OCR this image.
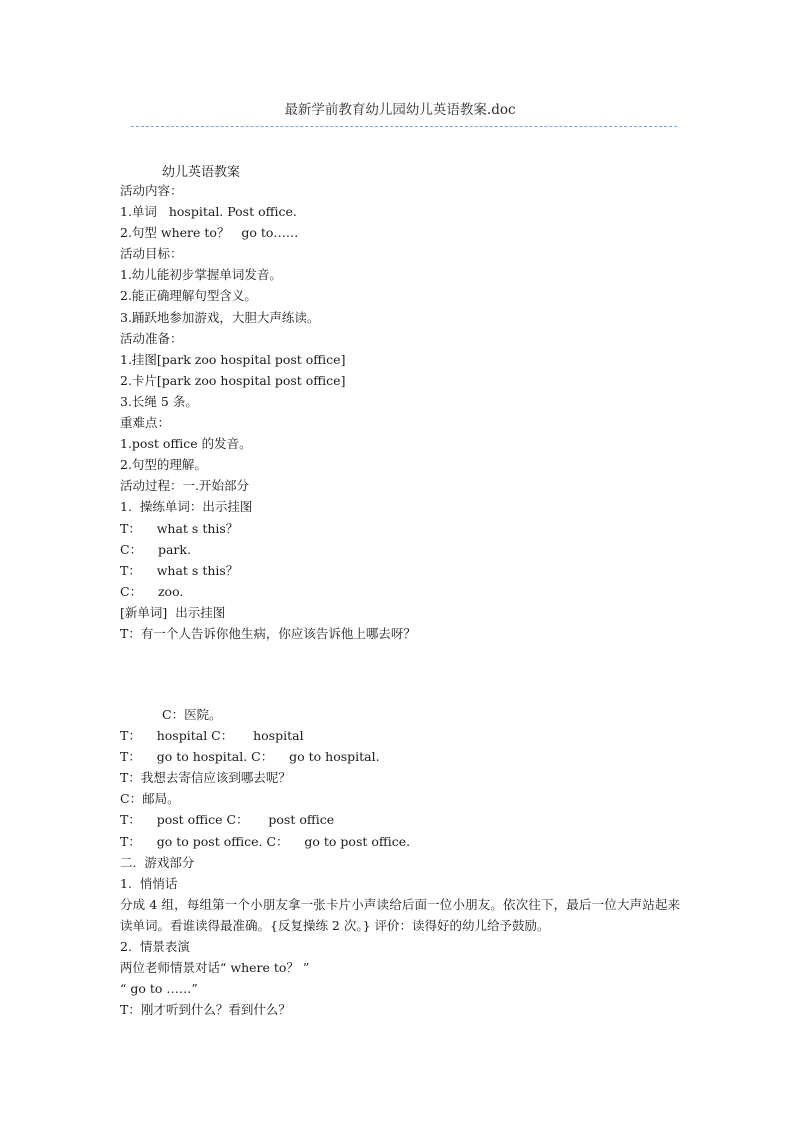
最新学前教育幼儿园幼儿英语教案.doc
幼儿英语教案
活动内容：
1.单词   hospital. Post office.
2.句型 where to？   go to……
活动目标：
1.幼儿能初步掌握单词发音。
2.能正确理解句型含义。
3.踊跃地参加游戏，大胆大声练读。
活动准备：
1.挂图[park zoo hospital post office]
2.卡片[park zoo hospital post office]
3.长绳 5 条。
重难点：
1.post office 的发音。
2.句型的理解。
活动过程：一.开始部分
1.  操练单词：出示挂图
T：    what s this？
C：    park.
T：    what s this？
C：    zoo.
[新单词]  出示挂图
T：有一个人告诉你他生病，你应该告诉他上哪去呀？
C：医院。
T：    hospital C：     hospital
T：    go to hospital. C：    go to hospital.
T：我想去寄信应该到哪去呢？
C：邮局。
T：    post office C：     post office
T：    go to post office. C：    go to post office.
二.  游戏部分
1.  悄悄话
分成 4 组，每组第一个小朋友拿一张卡片小声读给后面一位小朋友。依次往下，最后一位大声站起来读单词。看谁读得最准确。{反复操练 2 次。} 评价：读得好的幼儿给予鼓励。
2.  情景表演
两位老师情景对话“ where to？ ”
“ go to ……”
T：刚才听到什么？看到什么？
